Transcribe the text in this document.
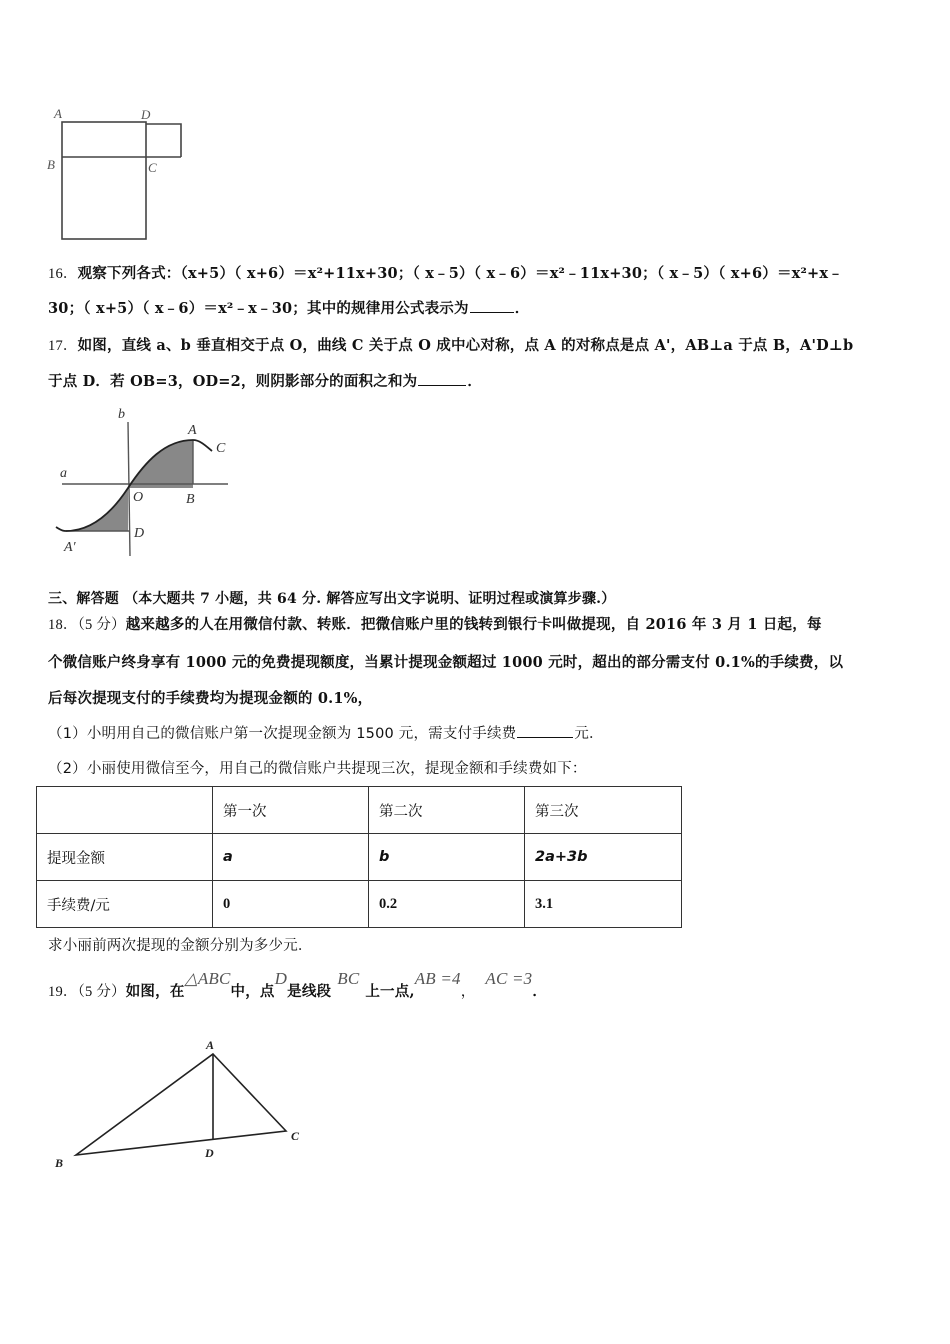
A	D
B	C
16．观察下列各式：（x+5）（ x+6）＝x²+11x+30；（ x﹣5）（ x﹣6）＝x²﹣11x+30；（ x﹣5）（ x+6）＝x²+x﹣
30；（ x+5）（ x﹣6）＝x²﹣x﹣30；其中的规律用公式表示为	．
17．如图，直线 a、b 垂直相交于点 O，曲线 C 关于点 O 成中心对称，点 A 的对称点是点 A'，AB⊥a 于点 B，A'D⊥b
于点 D．若 OB=3，OD=2，则阴影部分的面积之和为	．
b
a
A
C
O	B
D
A′
三、解答题 （本大题共 7 小题，共 64 分. 解答应写出文字说明、证明过程或演算步骤.）
18．（5 分）越来越多的人在用微信付款、转账．把微信账户里的钱转到银行卡叫做提现，自 2016 年 3 月 1 日起，每
个微信账户终身享有 1000 元的免费提现额度，当累计提现金额超过 1000 元时，超出的部分需支付 0.1%的手续费，以
后每次提现支付的手续费均为提现金额的 0.1%，
（1）小明用自己的微信账户第一次提现金额为 1500 元，需支付手续费	元．
（2）小丽使用微信至今，用自己的微信账户共提现三次，提现金额和手续费如下：
	第一次	第二次	第三次
提现金额	a	b	2a+3b
手续费/元	0	0.2	3.1
求小丽前两次提现的金额分别为多少元．
19．（5 分）如图，在△ABC中，点D是线段BC上一点,AB =4，AC =3．
A
B
C
D
